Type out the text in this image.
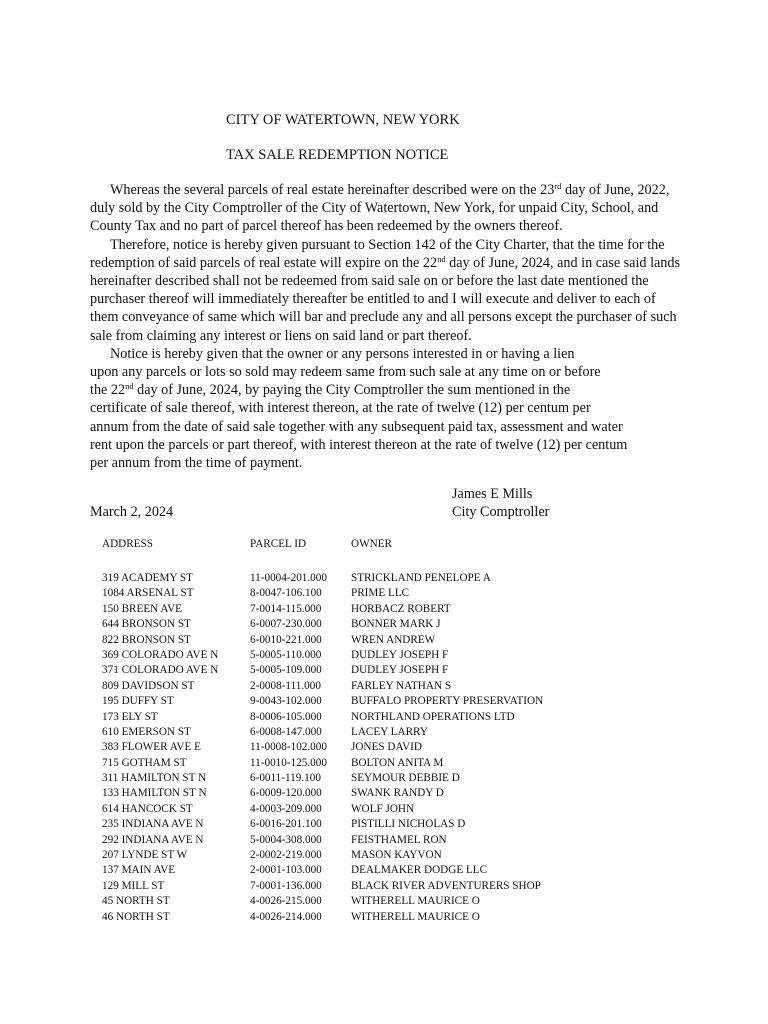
CITY OF WATERTOWN, NEW YORK
TAX SALE REDEMPTION NOTICE

Whereas the several parcels of real estate hereinafter described were on the 23rd day of June, 2022, duly sold by the City Comptroller of the City of Watertown, New York, for unpaid City, School, and County Tax and no part of parcel thereof has been redeemed by the owners thereof.

Therefore, notice is hereby given pursuant to Section 142 of the City Charter, that the time for the redemption of said parcels of real estate will expire on the 22nd day of June, 2024, and in case said lands hereinafter described shall not be redeemed from said sale on or before the last date mentioned the purchaser thereof will immediately thereafter be entitled to and I will execute and deliver to each of them conveyance of same which will bar and preclude any and all persons except the purchaser of such sale from claiming any interest or liens on said land or part thereof.

Notice is hereby given that the owner or any persons interested in or having a lien
upon any parcels or lots so sold may redeem same from such sale at any time on or before
the 22nd day of June, 2024, by paying the City Comptroller the sum mentioned in the
certificate of sale thereof, with interest thereon, at the rate of twelve (12) per centum per
annum from the date of said sale together with any subsequent paid tax, assessment and water
rent upon the parcels or part thereof, with interest thereon at the rate of twelve (12) per centum
per annum from the time of payment.
James E Mills
City Comptroller
March 2, 2024
ADDRESS	PARCEL ID	OWNER
319 ACADEMY ST	11-0004-201.000 STRICKLAND PENELOPE A
1084 ARSENAL ST	8-0047-106.100	PRIME LLC
150 BREEN AVE	7-0014-115.000	HORBACZ ROBERT
644 BRONSON ST	6-0007-230.000	BONNER MARK J
822 BRONSON ST	6-0010-221.000	WREN ANDREW
369 COLORADO AVE N	5-0005-110.000	DUDLEY JOSEPH F
371 COLORADO AVE N	5-0005-109.000	DUDLEY JOSEPH F
809 DAVIDSON ST	2-0008-111.000	FARLEY NATHAN S
195 DUFFY ST	9-0043-102.000	BUFFALO PROPERTY PRESERVATION
173 ELY ST	8-0006-105.000	NORTHLAND OPERATIONS LTD
610 EMERSON ST	6-0008-147.000	LACEY LARRY
383 FLOWER AVE E	11-0008-102.000 JONES DAVID
715 GOTHAM ST	11-0010-125.000 BOLTON ANITA M
311 HAMILTON ST N	6-0011-119.100	SEYMOUR DEBBIE D
133 HAMILTON ST N	6-0009-120.000	SWANK RANDY D
614 HANCOCK ST	4-0003-209.000	WOLF JOHN
235 INDIANA AVE N	6-0016-201.100	PISTILLI NICHOLAS D
292 INDIANA AVE N	5-0004-308.000	FEISTHAMEL RON
207 LYNDE ST W	2-0002-219.000	MASON KAYVON
137 MAIN AVE	2-0001-103.000	DEALMAKER DODGE LLC
129 MILL ST	7-0001-136.000	BLACK RIVER ADVENTURERS SHOP
45 NORTH ST	4-0026-215.000	WITHERELL MAURICE O
46 NORTH ST	4-0026-214.000	WITHERELL MAURICE O
